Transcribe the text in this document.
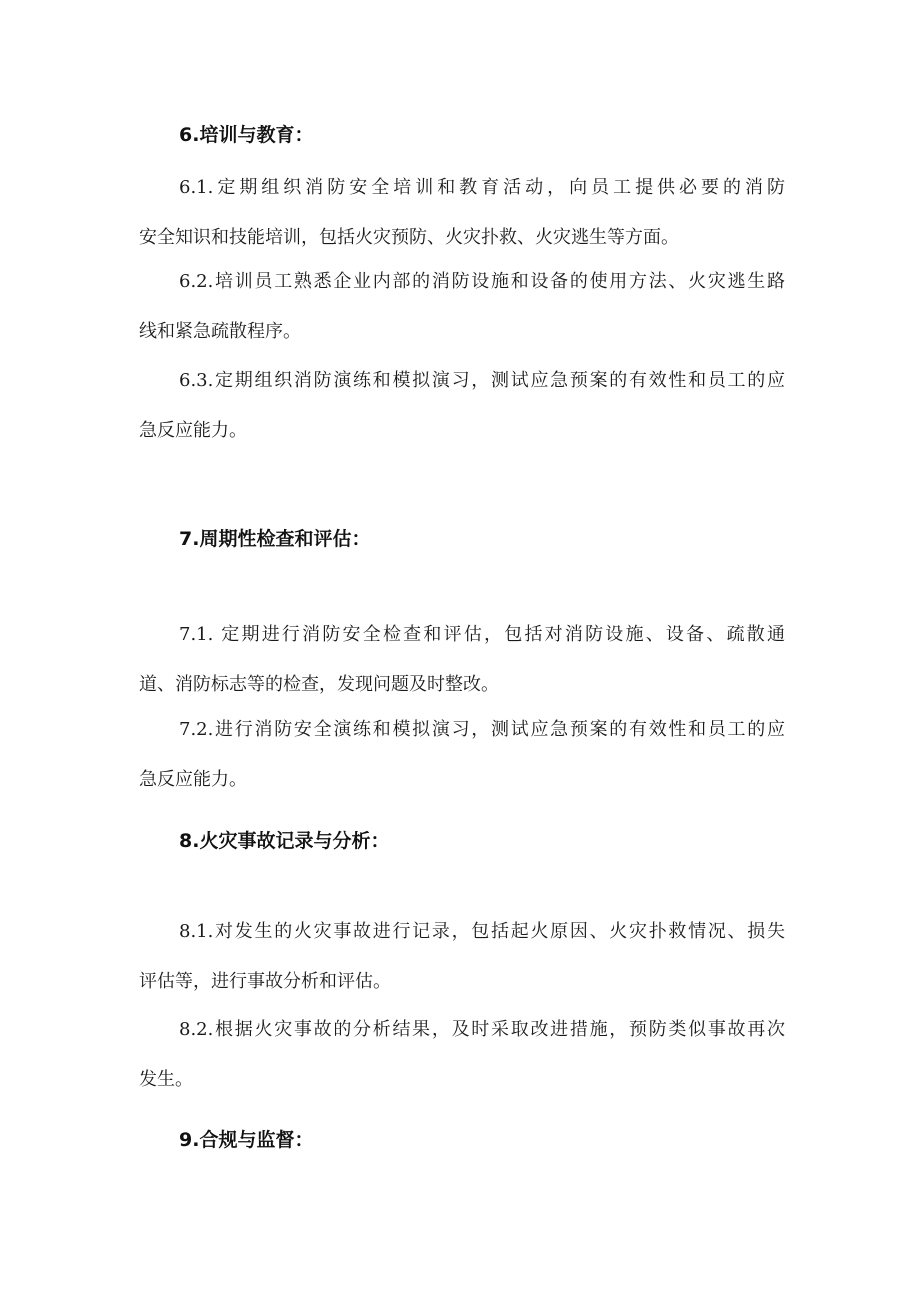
6.培训与教育：

6.1.定期组织消防安全培训和教育活动，向员工提供必要的消防
安全知识和技能培训，包括火灾预防、火灾扑救、火灾逃生等方面。

6.2.培训员工熟悉企业内部的消防设施和设备的使用方法、火灾逃生路
线和紧急疏散程序。

6.3.定期组织消防演练和模拟演习，测试应急预案的有效性和员工的应
急反应能力。

7.周期性检查和评估：

7.1. 定期进行消防安全检查和评估，包括对消防设施、设备、疏散通
道、消防标志等的检查，发现问题及时整改。

7.2.进行消防安全演练和模拟演习，测试应急预案的有效性和员工的应
急反应能力。

8.火灾事故记录与分析：

8.1.对发生的火灾事故进行记录，包括起火原因、火灾扑救情况、损失
评估等，进行事故分析和评估。

8.2.根据火灾事故的分析结果，及时采取改进措施，预防类似事故再次
发生。

9.合规与监督：
